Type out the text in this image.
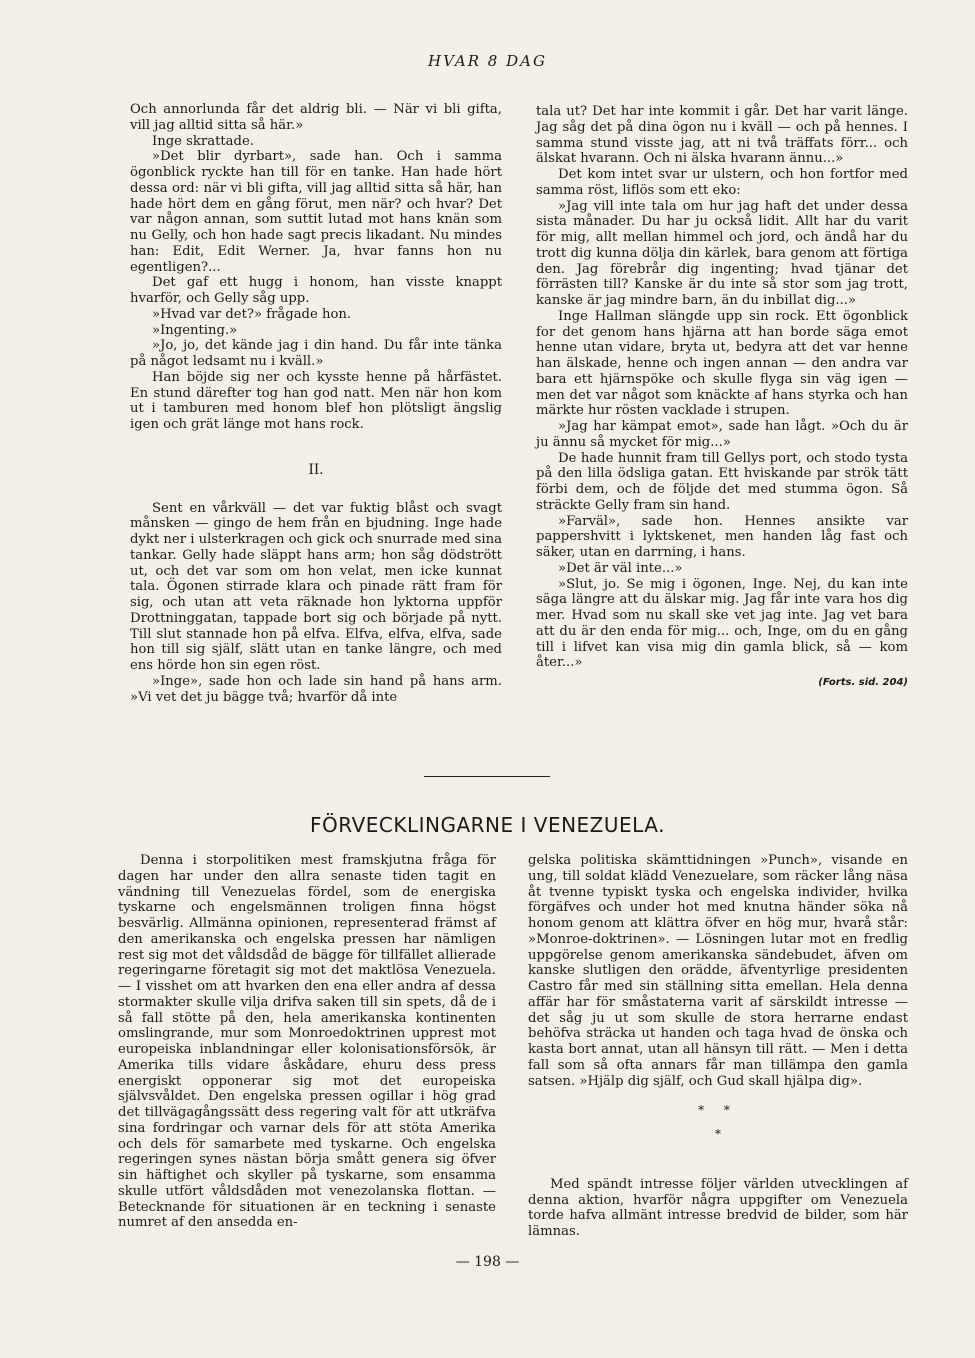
HVAR 8 DAG

Och annorlunda får det aldrig bli. — När vi bli gifta, vill jag alltid sitta så här.»

Inge skrattade.

»Det blir dyrbart», sade han. Och i samma ögonblick ryckte han till för en tanke. Han hade hört dessa ord: när vi bli gifta, vill jag alltid sitta så här, han hade hört dem en gång förut, men när? och hvar? Det var någon annan, som suttit lutad mot hans knän som nu Gelly, och hon hade sagt precis likadant. Nu mindes han: Edit, Edit Werner. Ja, hvar fanns hon nu egentligen?...

Det gaf ett hugg i honom, han visste knappt hvarför, och Gelly såg upp.

»Hvad var det?» frågade hon.

»Ingenting.»

»Jo, jo, det kände jag i din hand. Du får inte tänka på något ledsamt nu i kväll.»

Han böjde sig ner och kysste henne på hårfästet. En stund därefter tog han god natt. Men när hon kom ut i tamburen med honom blef hon plötsligt ängslig igen och grät länge mot hans rock.

II.

Sent en vårkväll — det var fuktig blåst och svagt månsken — gingo de hem från en bjudning. Inge hade dykt ner i ulsterkragen och gick och snurrade med sina tankar. Gelly hade släppt hans arm; hon såg dödstrött ut, och det var som om hon velat, men icke kunnat tala. Ögonen stirrade klara och pinade rätt fram för sig, och utan att veta räknade hon lyktorna uppför Drottninggatan, tappade bort sig och började på nytt. Till slut stannade hon på elfva. Elfva, elfva, elfva, sade hon till sig själf, slätt utan en tanke längre, och med ens hörde hon sin egen röst.

»Inge», sade hon och lade sin hand på hans arm. »Vi vet det ju bägge två; hvarför då inte

tala ut? Det har inte kommit i går. Det har varit länge. Jag såg det på dina ögon nu i kväll — och på hennes. I samma stund visste jag, att ni två träffats förr... och älskat hvarann. Och ni älska hvarann ännu...»

Det kom intet svar ur ulstern, och hon fortfor med samma röst, liflös som ett eko:

»Jag vill inte tala om hur jag haft det under dessa sista månader. Du har ju också lidit. Allt har du varit för mig, allt mellan himmel och jord, och ändå har du trott dig kunna dölja din kärlek, bara genom att förtiga den. Jag förebrår dig ingenting; hvad tjänar det förrästen till? Kanske är du inte så stor som jag trott, kanske är jag mindre barn, än du inbillat dig...»

Inge Hallman slängde upp sin rock. Ett ögonblick for det genom hans hjärna att han borde säga emot henne utan vidare, bryta ut, bedyra att det var henne han älskade, henne och ingen annan — den andra var bara ett hjärnspöke och skulle flyga sin väg igen — men det var något som knäckte af hans styrka och han märkte hur rösten vacklade i strupen.

»Jag har kämpat emot», sade han lågt. »Och du är ju ännu så mycket för mig...»

De hade hunnit fram till Gellys port, och stodo tysta på den lilla ödsliga gatan. Ett hviskande par strök tätt förbi dem, och de följde det med stumma ögon. Så sträckte Gelly fram sin hand.

»Farväl», sade hon. Hennes ansikte var pappershvitt i lyktskenet, men handen låg fast och säker, utan en darrning, i hans.

»Det är väl inte...»

»Slut, jo. Se mig i ögonen, Inge. Nej, du kan inte säga längre att du älskar mig. Jag får inte vara hos dig mer. Hvad som nu skall ske vet jag inte. Jag vet bara att du är den enda för mig... och, Inge, om du en gång till i lifvet kan visa mig din gamla blick, så — kom åter...»

(Forts. sid. 204)
FÖRVECKLINGARNE I VENEZUELA.

Denna i storpolitiken mest framskjutna fråga för dagen har under den allra senaste tiden tagit en vändning till Venezuelas fördel, som de energiska tyskarne och engelsmännen troligen finna högst besvärlig. Allmänna opinionen, representerad främst af den amerikanska och engelska pressen har nämligen rest sig mot det våldsdåd de bägge för tillfället allierade regeringarne företagit sig mot det maktlösa Venezuela. — I visshet om att hvarken den ena eller andra af dessa stormakter skulle vilja drifva saken till sin spets, då de i så fall stötte på den, hela amerikanska kontinenten omslingrande, mur som Monroedoktrinen upprest mot europeiska inblandningar eller kolonisationsförsök, är Amerika tills vidare åskådare, ehuru dess press energiskt opponerar sig mot det europeiska självsvåldet. Den engelska pressen ogillar i hög grad det tillvägagångssätt dess regering valt för att utkräfva sina fordringar och varnar dels för att stöta Amerika och dels för samarbete med tyskarne. Och engelska regeringen synes nästan börja smått genera sig öfver sin häftighet och skyller på tyskarne, som ensamma skulle utfört våldsdåden mot venezolanska flottan. — Betecknande för situationen är en teckning i senaste numret af den ansedda en-

gelska politiska skämttidningen »Punch», visande en ung, till soldat klädd Venezuelare, som räcker lång näsa åt tvenne typiskt tyska och engelska individer, hvilka förgäfves och under hot med knutna händer söka nå honom genom att klättra öfver en hög mur, hvarå står: »Monroe-doktrinen». — Lösningen lutar mot en fredlig uppgörelse genom amerikanska sändebudet, äfven om kanske slutligen den orädde, äfventyrlige presidenten Castro får med sin ställning sitta emellan. Hela denna affär har för småstaterna varit af särskildt intresse — det såg ju ut som skulle de stora herrarne endast behöfva sträcka ut handen och taga hvad de önska och kasta bort annat, utan all hänsyn till rätt. — Men i detta fall som så ofta annars får man tillämpa den gamla satsen. »Hjälp dig själf, och Gud skall hjälpa dig».

* *
*

Med spändt intresse följer världen utvecklingen af denna aktion, hvarför några uppgifter om Venezuela torde hafva allmänt intresse bredvid de bilder, som här lämnas.

— 198 —
